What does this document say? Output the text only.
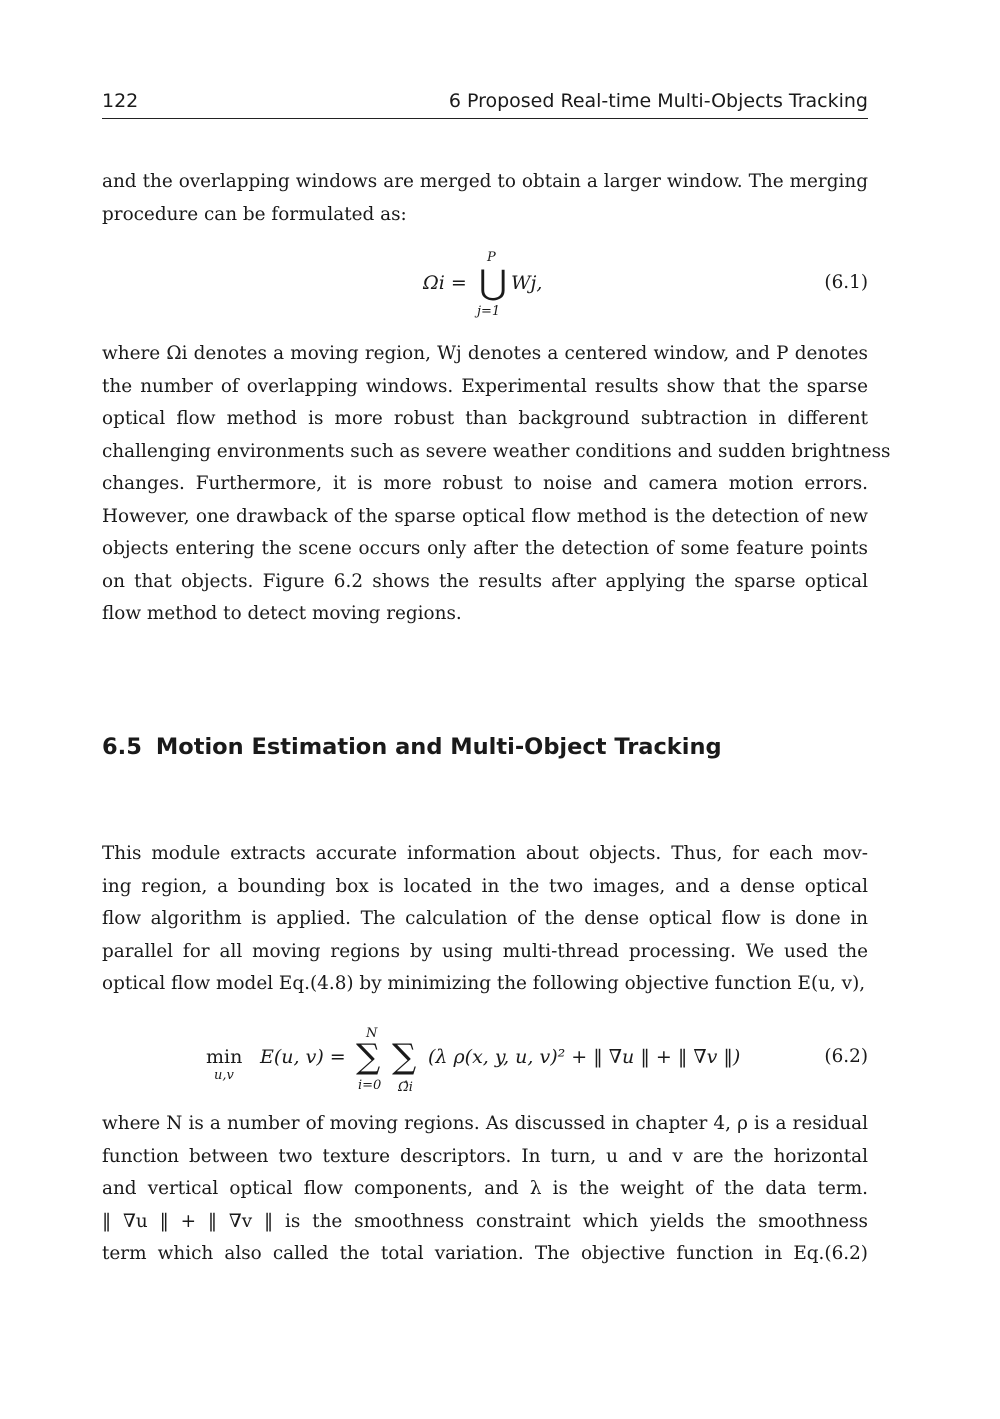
122	6 Proposed Real-time Multi-Objects Tracking
and the overlapping windows are merged to obtain a larger window. The merging
procedure can be formulated as:
Ωi =
P
⋃
j=1
Wj,	(6.1)
where Ωi denotes a moving region, Wj denotes a centered window, and P denotes
the number of overlapping windows. Experimental results show that the sparse
optical flow method is more robust than background subtraction in different
challenging environments such as severe weather conditions and sudden brightness
changes. Furthermore, it is more robust to noise and camera motion errors.
However, one drawback of the sparse optical flow method is the detection of new
objects entering the scene occurs only after the detection of some feature points
on that objects. Figure 6.2 shows the results after applying the sparse optical
flow method to detect moving regions.
6.5 Motion Estimation and Multi-Object Tracking
This module extracts accurate information about objects. Thus, for each mov-
ing region, a bounding box is located in the two images, and a dense optical
flow algorithm is applied. The calculation of the dense optical flow is done in
parallel for all moving regions by using multi-thread processing. We used the
optical flow model Eq.(4.8) by minimizing the following objective function E(u, v),
min
u,v
E(u, v) =
N
∑
i=0
∑
Ω̂i
(λ ρ(x, y, u, v)² + ‖ ∇u ‖ + ‖ ∇v ‖)	(6.2)
where N is a number of moving regions. As discussed in chapter 4, ρ is a residual
function between two texture descriptors. In turn, u and v are the horizontal
and vertical optical flow components, and λ is the weight of the data term.
‖ ∇u ‖ + ‖ ∇v ‖ is the smoothness constraint which yields the smoothness
term which also called the total variation. The objective function in Eq.(6.2)
